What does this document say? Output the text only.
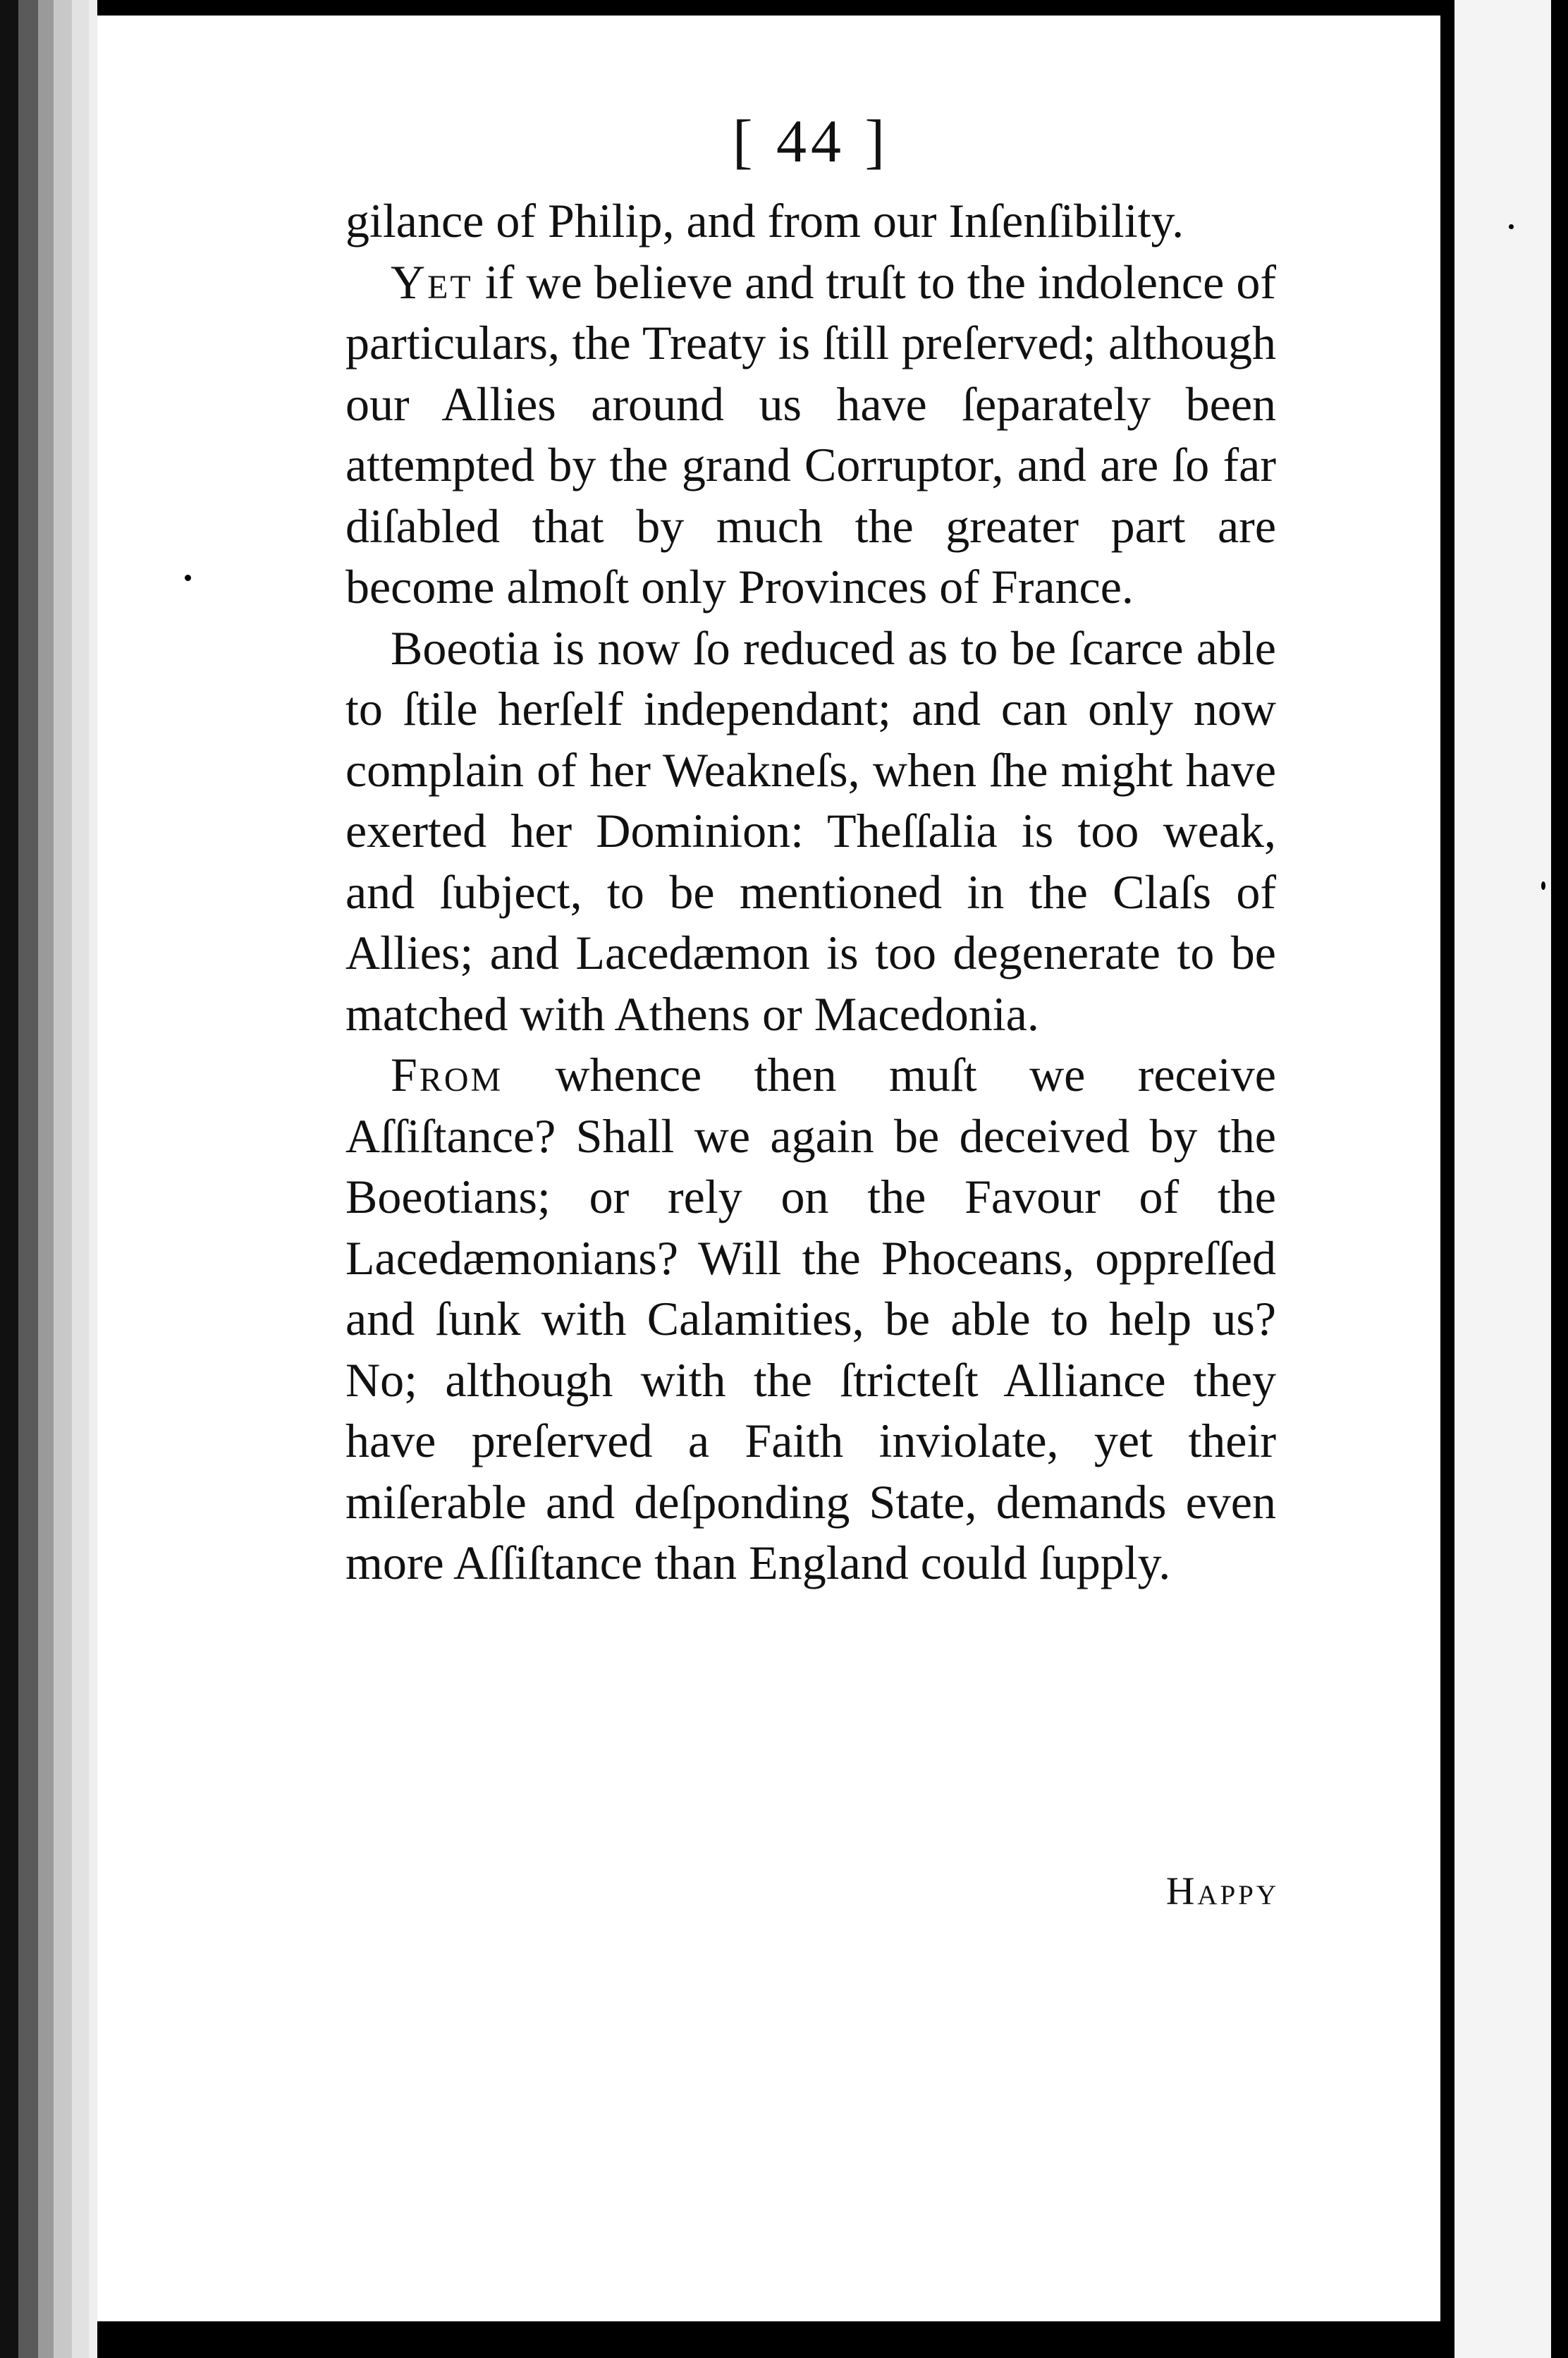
[ 44 ]

gilance of Philip, and from our Inſenſibility.

Yet if we believe and truſt to the indolence of particulars, the Treaty is ſtill preſerved; although our Allies around us have ſeparately been attempted by the grand Corruptor, and are ſo far diſabled that by much the greater part are become almoſt only Provinces of France.

Boeotia is now ſo reduced as to be ſcarce able to ſtile herſelf independant; and can only now complain of her Weakneſs, when ſhe might have exerted her Dominion: Theſſalia is too weak, and ſubject, to be mentioned in the Claſs of Allies; and Lacedæmon is too degenerate to be matched with Athens or Macedonia.

From whence then muſt we receive Aſſiſtance? Shall we again be deceived by the Boeotians; or rely on the Favour of the Lacedæmonians? Will the Phoceans, oppreſſed and ſunk with Calamities, be able to help us? No; although with the ſtricteſt Alliance they have preſerved a Faith inviolate, yet their miſerable and deſponding State, demands even more Aſſiſtance than England could ſupply.

Happy
